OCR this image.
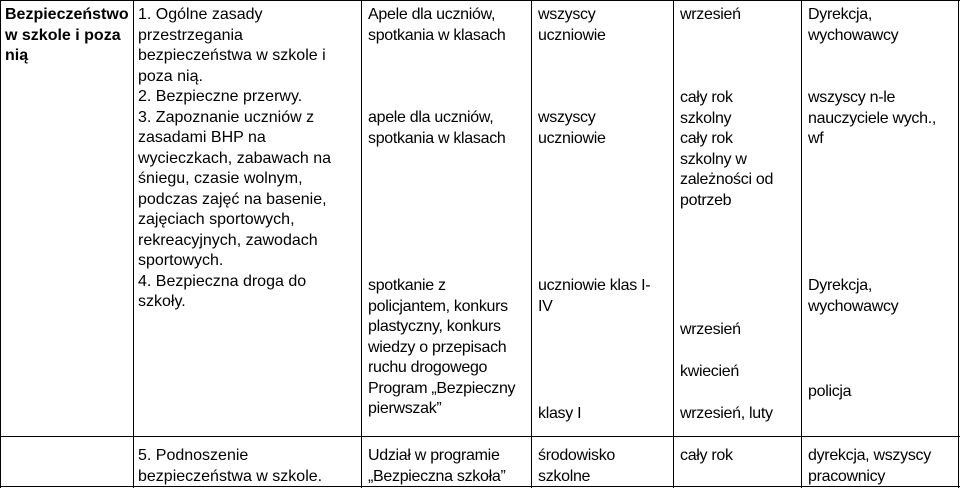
Bezpieczeństwo
w szkole i poza
nią

1. Ogólne zasady
przestrzegania
bezpieczeństwa w szkole i
poza nią.
2. Bezpieczne przerwy.
3. Zapoznanie uczniów z
zasadami BHP na
wycieczkach, zabawach na
śniegu, czasie wolnym,
podczas zajęć na basenie,
zajęciach sportowych,
rekreacyjnych, zawodach
sportowych.
4. Bezpieczna droga do
szkoły.

5. Podnoszenie
bezpieczeństwa w szkole.

Apele dla uczniów,
spotkania w klasach

apele dla uczniów,
spotkania w klasach

spotkanie z
policjantem, konkurs
plastyczny, konkurs
wiedzy o przepisach
ruchu drogowego
Program „Bezpieczny
pierwszak”

Udział w programie
„Bezpieczna szkoła”

wszyscy
uczniowie

wszyscy
uczniowie

uczniowie klas I-
IV

klasy I

środowisko
szkolne

wrzesień

cały rok
szkolny
cały rok
szkolny w
zależności od
potrzeb

wrzesień

kwiecień

wrzesień, luty

cały rok

Dyrekcja,
wychowawcy

wszyscy n-le
nauczyciele wych.,
wf

Dyrekcja,
wychowawcy

policja

dyrekcja, wszyscy
pracownicy
